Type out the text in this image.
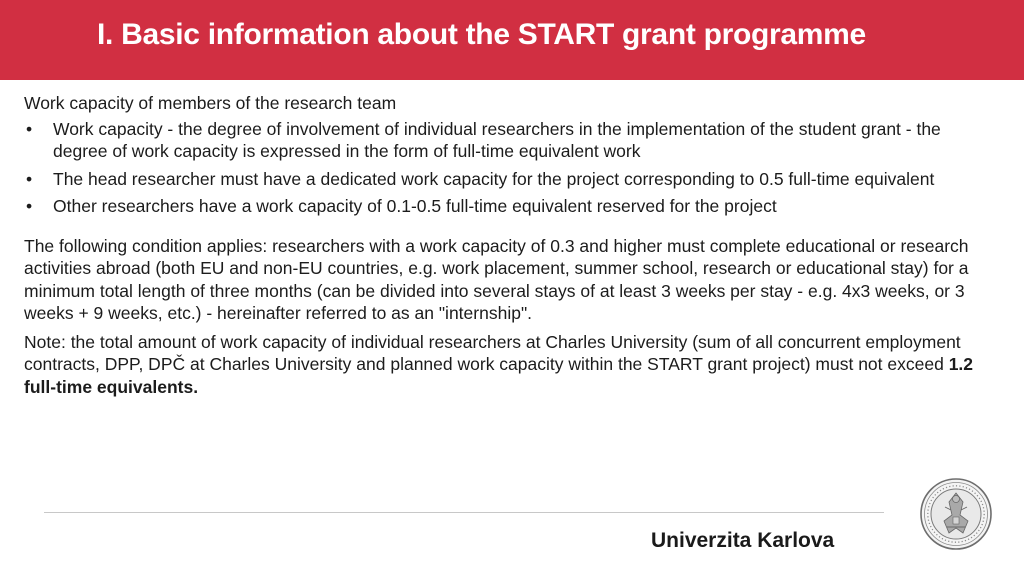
I. Basic information about the START grant programme

Work capacity of members of the research team

• Work capacity - the degree of involvement of individual researchers in the implementation of the student grant - the degree of work capacity is expressed in the form of full-time equivalent work
• The head researcher must have a dedicated work capacity for the project corresponding to 0.5 full-time equivalent
• Other researchers have a work capacity of 0.1-0.5 full-time equivalent reserved for the project

The following condition applies: researchers with a work capacity of 0.3 and higher must complete educational or research activities abroad (both EU and non-EU countries, e.g. work placement, summer school, research or educational stay) for a minimum total length of three months (can be divided into several stays of at least 3 weeks per stay - e.g. 4x3 weeks, or 3 weeks + 9 weeks, etc.) - hereinafter referred to as an "internship".

Note: the total amount of work capacity of individual researchers at Charles University (sum of all concurrent employment contracts, DPP, DPČ at Charles University and planned work capacity within the START grant project) must not exceed 1.2 full-time equivalents.

Univerzita Karlova
